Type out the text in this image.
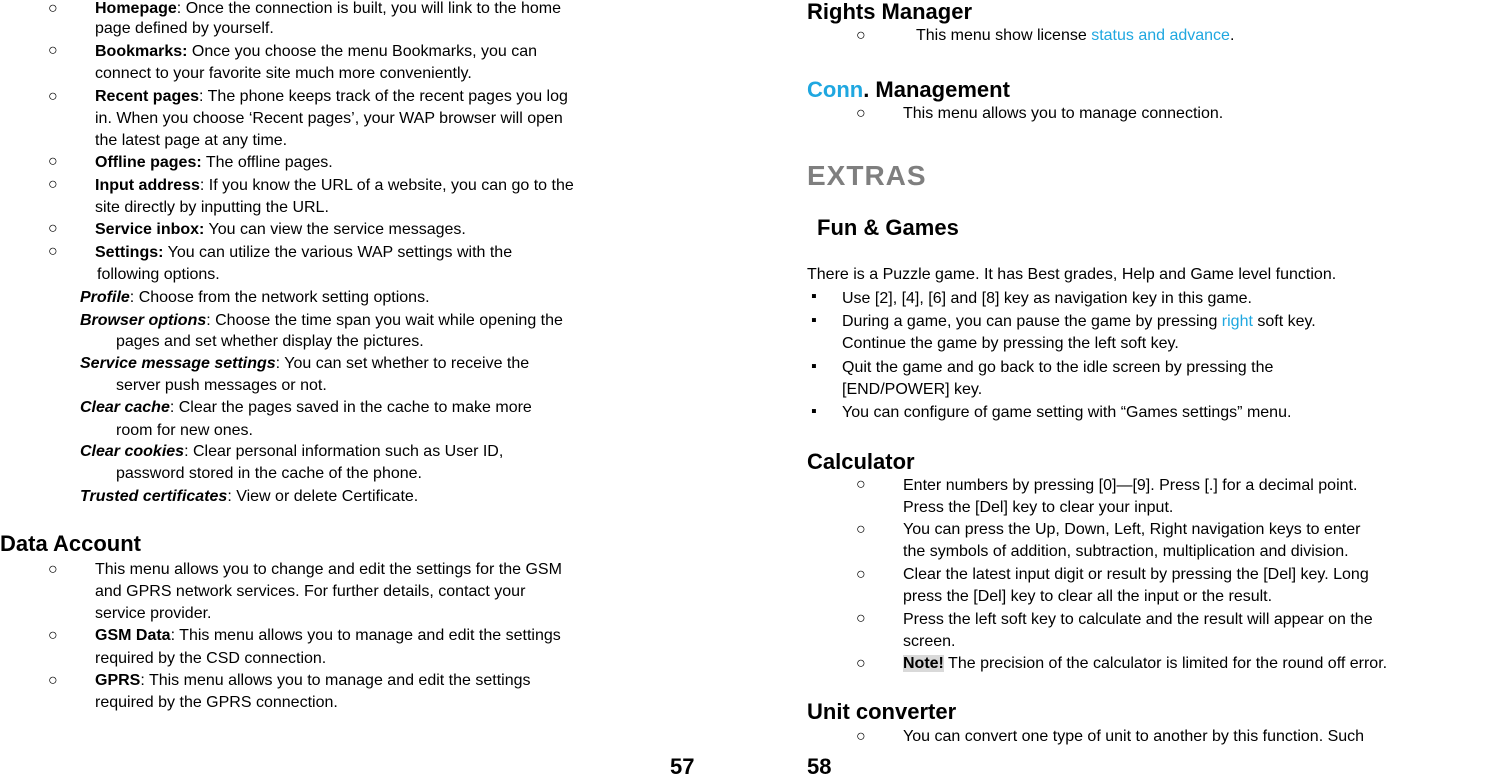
○ Homepage: Once the connection is built, you will link to the home
page defined by yourself.
○ Bookmarks: Once you choose the menu Bookmarks, you can
connect to your favorite site much more conveniently.
○ Recent pages: The phone keeps track of the recent pages you log
in. When you choose ‘Recent pages’, your WAP browser will open
the latest page at any time.
○ Offline pages: The offline pages.
○ Input address: If you know the URL of a website, you can go to the
site directly by inputting the URL.
○ Service inbox: You can view the service messages.
○ Settings: You can utilize the various WAP settings with the
following options.
Profile: Choose from the network setting options.
Browser options: Choose the time span you wait while opening the
pages and set whether display the pictures.
Service message settings: You can set whether to receive the
server push messages or not.
Clear cache: Clear the pages saved in the cache to make more
room for new ones.
Clear cookies: Clear personal information such as User ID,
password stored in the cache of the phone.
Trusted certificates: View or delete Certificate.
Data Account
○ This menu allows you to change and edit the settings for the GSM
and GPRS network services. For further details, contact your
service provider.
○ GSM Data: This menu allows you to manage and edit the settings
required by the CSD connection.
○ GPRS: This menu allows you to manage and edit the settings
required by the GPRS connection.
57
Rights Manager
○	This menu show license status and advance.
Conn. Management
○ This menu allows you to manage connection.
EXTRAS
Fun & Games
There is a Puzzle game. It has Best grades, Help and Game level function.
▪ Use [2], [4], [6] and [8] key as navigation key in this game.
▪ During a game, you can pause the game by pressing right soft key.
Continue the game by pressing the left soft key.
▪ Quit the game and go back to the idle screen by pressing the
[END/POWER] key.
▪ You can configure of game setting with “Games settings” menu.
Calculator
○ Enter numbers by pressing [0]—[9]. Press [.] for a decimal point.
Press the [Del] key to clear your input.
○ You can press the Up, Down, Left, Right navigation keys to enter
the symbols of addition, subtraction, multiplication and division.
○ Clear the latest input digit or result by pressing the [Del] key. Long
press the [Del] key to clear all the input or the result.
○ Press the left soft key to calculate and the result will appear on the
screen.
○ Note! The precision of the calculator is limited for the round off error.
Unit converter
○ You can convert one type of unit to another by this function. Such
58
